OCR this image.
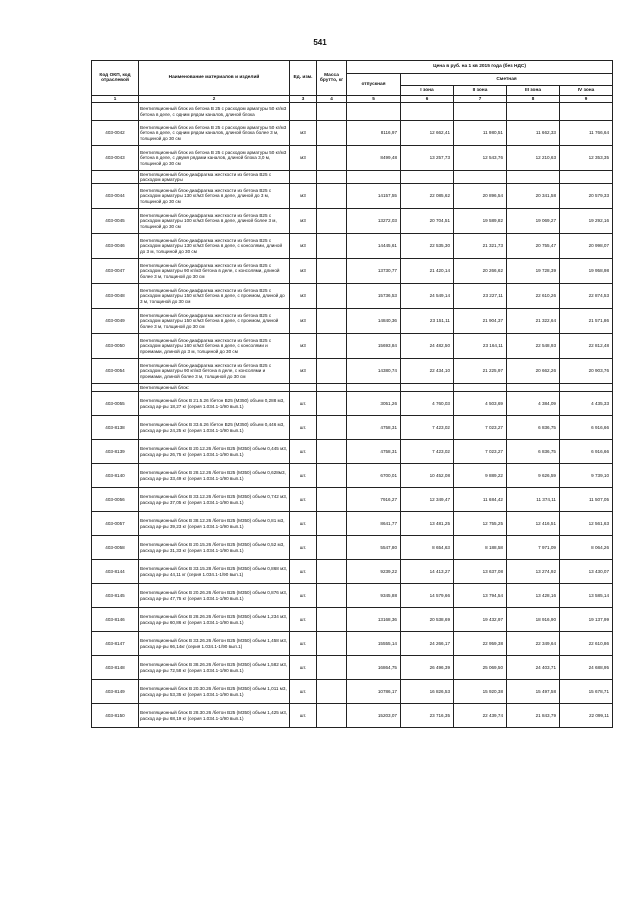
541
Код ОКП, код отраслевой	Наименование материалов и изделий	Ед. изм.	Масса брутто, кг	Цена в руб. на 1 кв 2015 года (без НДС)				
				отпускная	Сметная			
					I зона	II зона	III зона	IV зона
1	2	3	4	5	6	7	8	9
	Вентиляционный блок из бетона В 25 с расходом арматуры 50 кг/м3 бетона в деле, с одним рядом каналов, длиной блока							
403-0042	Вентиляционный блок из бетона В 25 с расходом арматуры 50 кг/м3 бетона в деле, с одним рядом каналов, длиной блока более 3 м, толщиной до 30 см	м3		8116,97	12 662,41	11 980,51	11 662,33	11 766,64
403-0043	Вентиляционный блок из бетона В 25 с расходом арматуры 50 кг/м3 бетона в деле, с двумя рядами каналов, длиной блока 3,0 м, толщиной до 30 см	м3		8499,48	13 257,73	12 543,76	12 210,63	12 353,35
	Вентиляционный блок-диафрагма жесткости из бетона В25 с расходом арматуры							
403-0044	Вентиляционный блок-диафрагма жесткости из бетона В25 с расходом арматуры 130 кг/м3 бетона в деле, длиной до 3 м, толщиной до 30 см	м3		14157,55	22 085,62	20 896,54	20 341,58	20 579,33
403-0045	Вентиляционный блок-диафрагма жесткости из бетона В25 с расходом арматуры 100 кг/м3 бетона в деле, длиной более 3 м, толщиной до 30 см	м3		13272,03	20 704,51	19 589,82	19 069,27	19 292,16
403-0046	Вентиляционный блок-диафрагма жесткости из бетона В25 с расходом арматуры 130 кг/м3 бетона в деле, с консолями, длиной до 3 м, толщиной до 30 см	м3		14445,61	22 535,30	21 321,73	20 755,47	20 998,07
403-0047	Вентиляционный блок-диафрагма жесткости из бетона В25 с расходом арматуры 90 кг/м3 бетона в деле, с консолями, длиной более 3 м, толщиной до 30 см	м3		13730,77	21 420,14	20 266,62	19 728,39	19 958,98
403-0048	Вентиляционный блок-диафрагма жесткости из бетона В25 с расходом арматуры 150 кг/м3 бетона в деле, с проемом, длиной до 3 м, толщиной до 30 см	м3		15736,53	24 549,14	23 227,11	22 610,26	22 874,53
403-0049	Вентиляционный блок-диафрагма жесткости из бетона В25 с расходом арматуры 150 кг/м3 бетона в деле, с проемом, длиной более 3 м, толщиной до 30 см	м3		14840,36	23 151,11	21 904,37	21 322,64	21 571,86
403-0050	Вентиляционный блок-диафрагма жесткости из бетона В25 с расходом арматуры 160 кг/м3 бетона в деле, с консолями и проемами, длиной до 3 м, толщиной до 30 см	м3		15693,84	24 482,50	23 164,11	22 548,93	22 812,48
403-0054	Вентиляционный блок-диафрагма жесткости из бетона В25 с расходом арматуры 90 кг/м3 бетона в деле, с консолями и проемами, длиной более 3 м, толщиной до 30 см	м3		14380,74	22 434,10	21 225,97	20 662,26	20 903,76
	Вентиляционный блок:							
403-0055	Вентиляционный блок В 21.5.26 /бетон В25 (М350) объем 0,288 м3, расход ар-ры 18,27 кг (серия 1.034.1-1/90 вып.1)	шт.		3051,26	4 760,03	4 503,69	4 384,09	4 435,33
403-8138	Вентиляционный блок В 33.6.26 /бетон В25 (М350) объем 0,446 м3, расход ар-ры 24,25 кг (серия 1.034.1-1/90 вып.1)	шт.		4758,31	7 423,02	7 023,27	6 836,75	6 916,66
403-8139	Вентиляционный блок В 20.12.26 /бетон В25 (М350) объем 0,445 м3, расход ар-ры 26,75 кг (серия 1.034.1-1/90 вып.1)	шт.		4758,31	7 423,02	7 023,27	6 836,75	6 916,66
403-8140	Вентиляционный блок В 28.12.26 /бетон В25 (М350) объем 0,628м3, расход ар-ры 33,49 кг (серия 1.034.1-1/90 вып.1)	шт.		6700,01	10 452,08	9 889,22	9 626,59	9 739,10
403-0056	Вентиляционный блок В 33.12.26 /бетон В25 (М350) объем 0,742 м3, расход ар-ры 37,05 кг (серия 1.034.1-1/90 вып.1)	шт.		7916,27	12 349,47	11 684,42	11 374,11	11 507,05
403-0057	Вентиляционный блок В 38.12.26 /бетон В25 (М350) объем 0,81 м3, расход ар-ры 39,23 кг (серия 1.034.1-1/90 вып.1)	шт.		8641,77	13 481,25	12 755,25	12 416,51	12 561,63
403-0058	Вентиляционный блок В 20.15.26 /бетон В25 (М350) объем 0,52 м3, расход ар-ры 31,33 кг (серия 1.034.1-1/90 вып.1)	шт.		5547,80	8 654,63	8 188,58	7 971,09	8 064,26
403-8144	Вентиляционный блок В 33.15.28 /бетон В25 (М350) объем 0,868 м3, расход ар-ры 44,11 кг (серия 1.034.1-1/90 вып.1)	шт.		9239,22	14 413,27	13 637,08	13 274,92	13 430,07
403-8145	Вентиляционный блок В 20.26.26 /бетон В25 (М350) объем 0,876 м3, расход ар-ры 47,75 кг (серия 1.034.1-1/90 вып.1)	шт.		9345,88	14 579,66	13 794,54	13 428,16	13 585,14
403-8146	Вентиляционный блок В 28.26.26 /бетон В25 (М350) объем 1,234 м3, расход ар-ры 60,86 кг (серия 1.034.1-1/90 вып.1)	шт.		13168,36	20 538,69	19 432,97	18 916,90	19 137,99
403-8147	Вентиляционный блок В 33.26.26 /бетон В25 (М350) объем 1,458 м3, расход ар-ры 66,14кг (серия 1.034.1-1/90 вып.1)	шт.		15555,14	24 266,17	22 959,38	22 349,64	22 610,86
403-8148	Вентиляционный блок В 38.26.26 /бетон В25 (М350) объем 1,582 м3, расход ар-ры 72,58 кг (серия 1.034.1-1/90 вып.1)	шт.		16864,75	26 496,39	25 069,50	24 403,71	24 688,95
403-8149	Вентиляционный блок В 20.30.26 /бетон В25 (М350) объем 1,011 м3, расход ар-ры 53,35 кг (серия 1.034.1-1/90 вып.1)	шт.		10786,17	16 826,53	15 920,38	15 497,58	15 678,71
403-8150	Вентиляционный блок В 28.30.26 /бетон В25 (М350) объем 1,425 м3, расход ар-ры 68,19 кг (серия 1.034.1-1/90 вып.1)	шт.		15203,07	23 716,35	22 439,74	21 843,79	22 099,11
